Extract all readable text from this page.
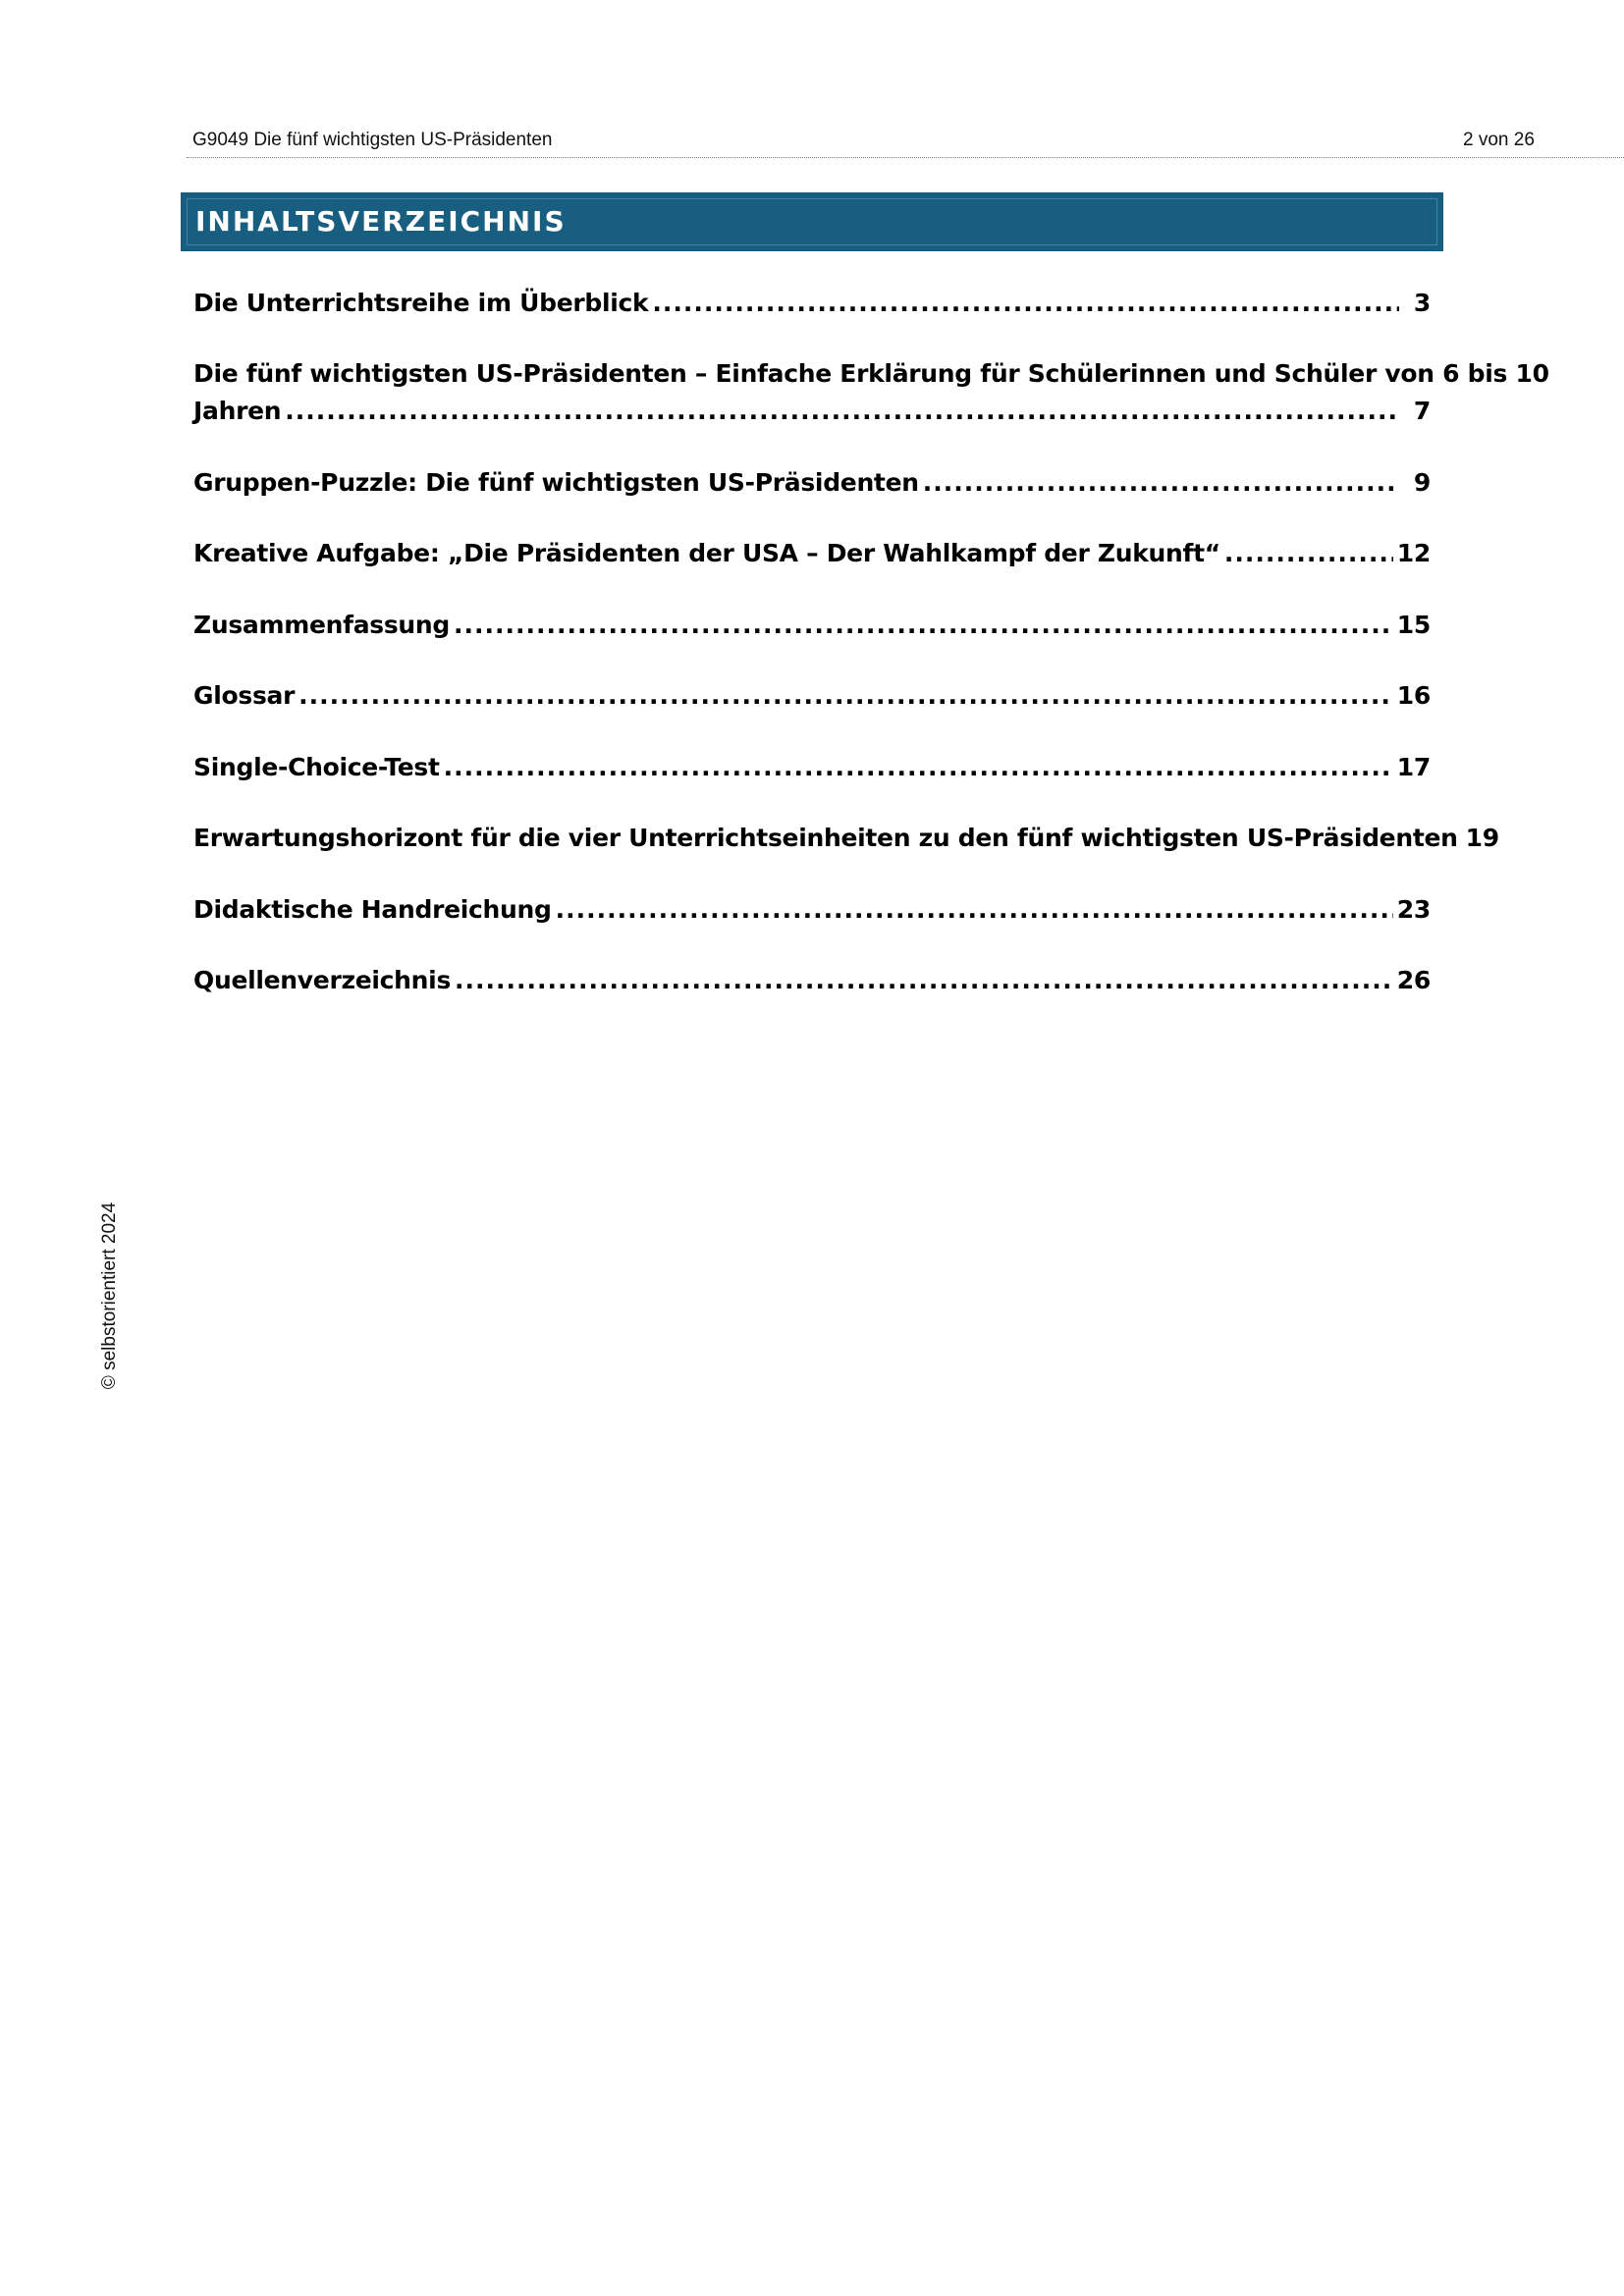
G9049 Die fünf wichtigsten US-Präsidenten	2 von 26
INHALTSVERZEICHNIS
Die Unterrichtsreihe im Überblick .....	3
Die fünf wichtigsten US-Präsidenten – Einfache Erklärung für Schülerinnen und Schüler von 6 bis 10
Jahren .....	7
Gruppen-Puzzle: Die fünf wichtigsten US-Präsidenten .....	9
Kreative Aufgabe: „Die Präsidenten der USA – Der Wahlkampf der Zukunft“ .....	12
Zusammenfassung .....	15
Glossar .....	16
Single-Choice-Test .....	17
Erwartungshorizont für die vier Unterrichtseinheiten zu den fünf wichtigsten US-Präsidenten 19
Didaktische Handreichung .....	23
Quellenverzeichnis .....	26
© selbstorientiert 2024
